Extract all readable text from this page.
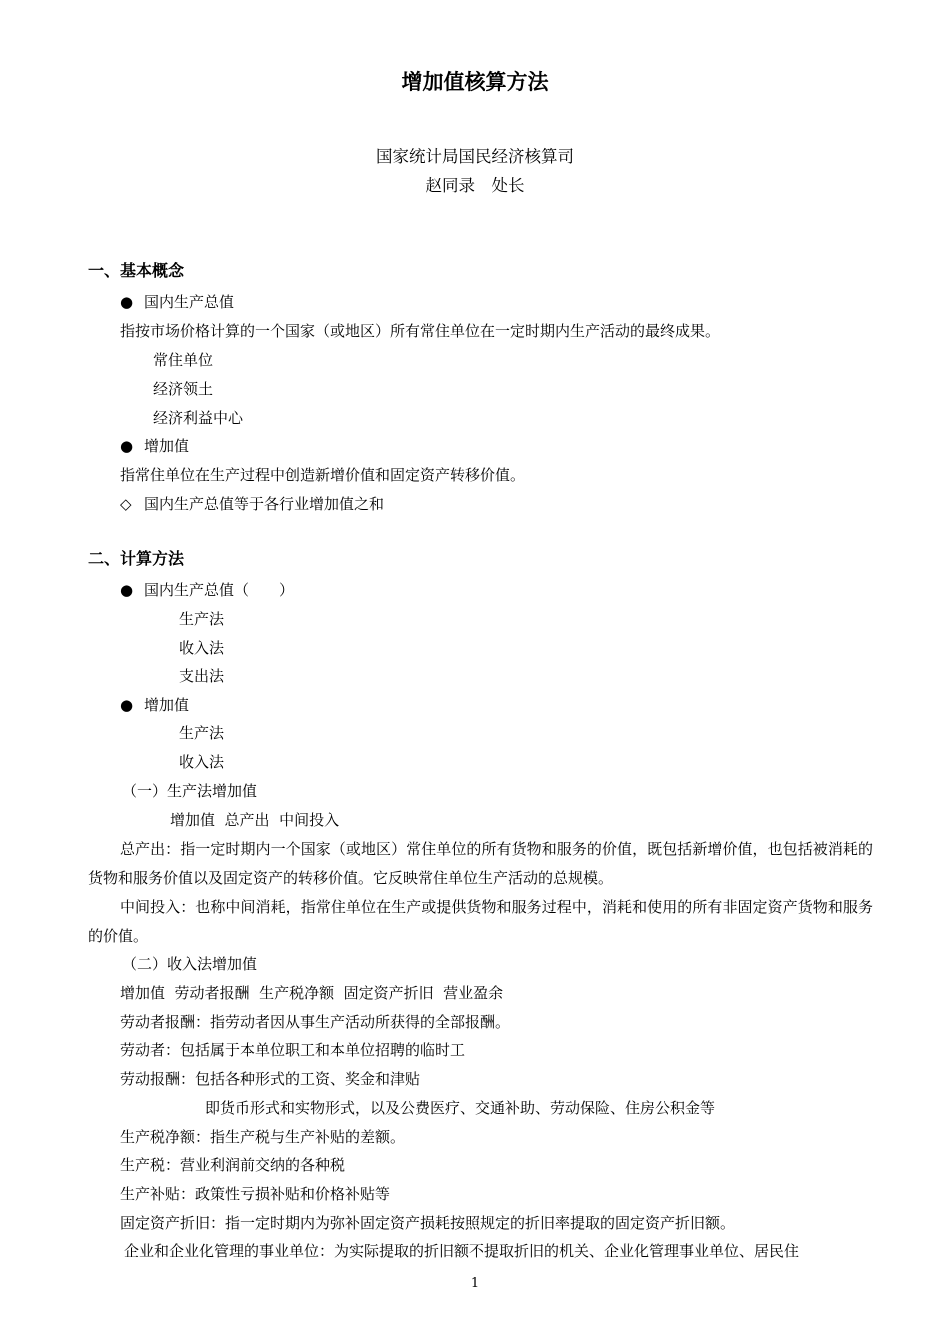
增加值核算方法
国家统计局国民经济核算司
赵同录　处长
一、基本概念
● 国内生产总值
指按市场价格计算的一个国家（或地区）所有常住单位在一定时期内生产活动的最终成果。
常住单位
经济领土
经济利益中心
● 增加值
指常住单位在生产过程中创造新增价值和固定资产转移价值。
◇ 国内生产总值等于各行业增加值之和
二、计算方法
● 国内生产总值（　　）
生产法
收入法
支出法
● 增加值
生产法
收入法
（一）生产法增加值
增加值  总产出  中间投入
总产出：指一定时期内一个国家（或地区）常住单位的所有货物和服务的价值，既包括新增价值，也包括被消耗的货物和服务价值以及固定资产的转移价值。它反映常住单位生产活动的总规模。
中间投入：也称中间消耗，指常住单位在生产或提供货物和服务过程中，消耗和使用的所有非固定资产货物和服务的价值。
（二）收入法增加值
增加值  劳动者报酬  生产税净额  固定资产折旧  营业盈余
劳动者报酬：指劳动者因从事生产活动所获得的全部报酬。
劳动者：包括属于本单位职工和本单位招聘的临时工
劳动报酬：包括各种形式的工资、奖金和津贴
即货币形式和实物形式，以及公费医疗、交通补助、劳动保险、住房公积金等
生产税净额：指生产税与生产补贴的差额。
生产税：营业利润前交纳的各种税
生产补贴：政策性亏损补贴和价格补贴等
固定资产折旧：指一定时期内为弥补固定资产损耗按照规定的折旧率提取的固定资产折旧额。
企业和企业化管理的事业单位：为实际提取的折旧额不提取折旧的机关、企业化管理事业单位、居民住
1
